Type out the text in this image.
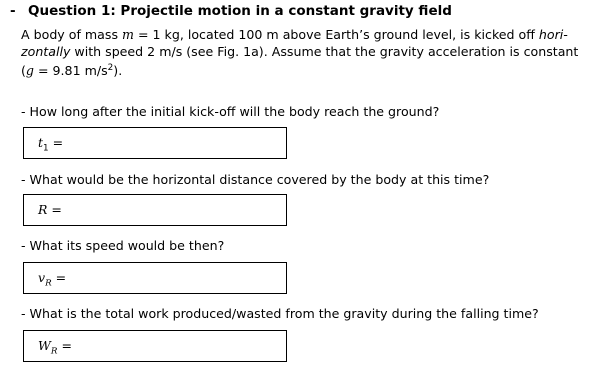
- Question 1: Projectile motion in a constant gravity field
A body of mass m = 1 kg, located 100 m above Earth’s ground level, is kicked off hori-
zontally with speed 2 m/s (see Fig. 1a). Assume that the gravity acceleration is constant
(g = 9.81 $m/s^2$).
- How long after the initial kick-off will the body reach the ground?
$t_1$ =
- What would be the horizontal distance covered by the body at this time?
R =
- What its speed would be then?
$v_R$ =
- What is the total work produced/wasted from the gravity during the falling time?
$W_R$ =
